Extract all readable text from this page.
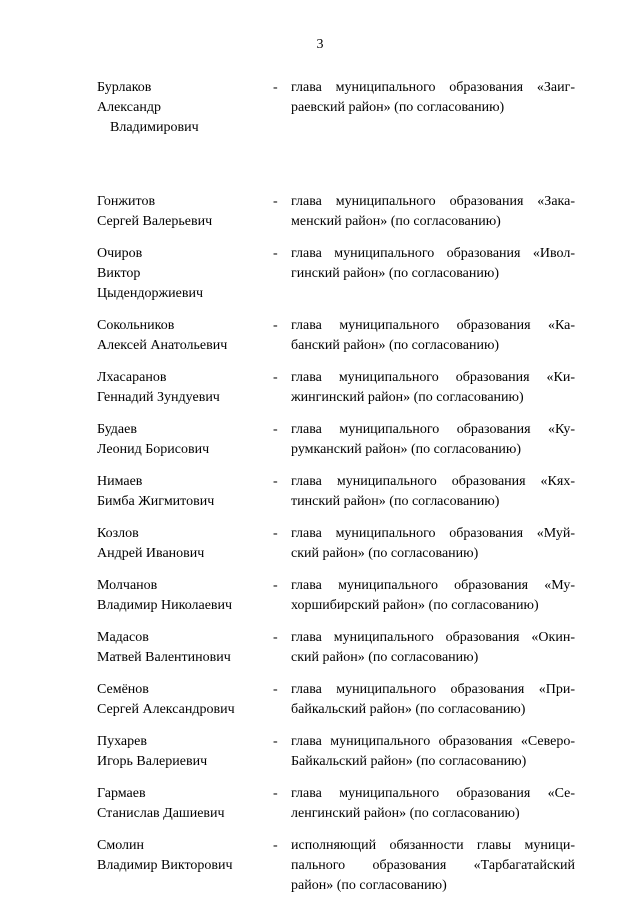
3
Бурлаков
Александр
Владимирович
- глава муниципального образования «Заиг-
раевский район» (по согласованию)
Гонжитов
Сергей Валерьевич
- глава муниципального образования «Зака-
менский район» (по согласованию)
Очиров
Виктор
Цыдендоржиевич
- глава муниципального образования «Ивол-
гинский район» (по согласованию)
Сокольников
Алексей Анатольевич
- глава муниципального образования «Ка-
банский район» (по согласованию)
Лхасаранов
Геннадий Зундуевич
- глава муниципального образования «Ки-
жингинский район» (по согласованию)
Будаев
Леонид Борисович
- глава муниципального образования «Ку-
румканский район» (по согласованию)
Нимаев
Бимба Жигмитович
- глава муниципального образования «Кях-
тинский район» (по согласованию)
Козлов
Андрей Иванович
- глава муниципального образования «Муй-
ский район» (по согласованию)
Молчанов
Владимир Николаевич
- глава муниципального образования «Му-
хоршибирский район» (по согласованию)
Мадасов
Матвей Валентинович
- глава муниципального образования «Окин-
ский район» (по согласованию)
Семёнов
Сергей Александрович
- глава муниципального образования «При-
байкальский район» (по согласованию)
Пухарев
Игорь Валериевич
- глава муниципального образования «Северо-
Байкальский район» (по согласованию)
Гармаев
Станислав Дашиевич
- глава муниципального образования «Се-
ленгинский район» (по согласованию)
Смолин
Владимир Викторович
- исполняющий обязанности главы муници-
пального образования «Тарбагатайский
район» (по согласованию)
